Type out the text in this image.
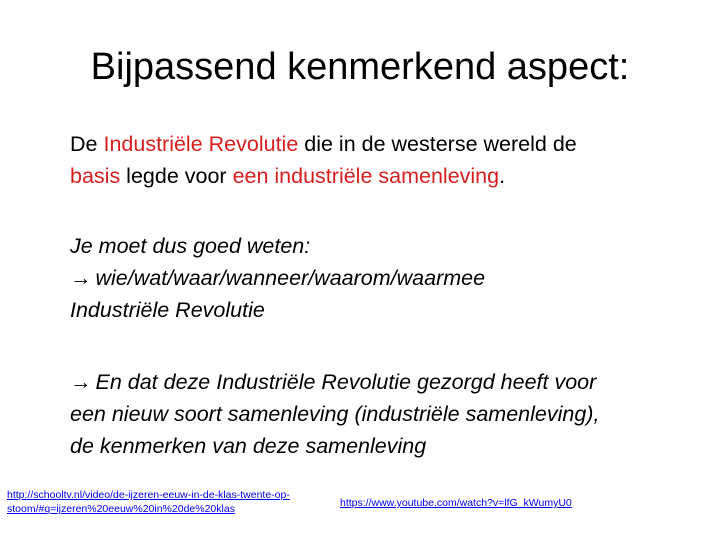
Bijpassend kenmerkend aspect:
De Industriële Revolutie die in de westerse wereld de
basis legde voor een industriële samenleving.
Je moet dus goed weten:
→ wie/wat/waar/wanneer/waarom/waarmee
Industriële Revolutie
→ En dat deze Industriële Revolutie gezorgd heeft voor
een nieuw soort samenleving (industriële samenleving),
de kenmerken van deze samenleving
http://schooltv.nl/video/de-ijzeren-eeuw-in-de-klas-twente-op-
stoom/#q=ijzeren%20eeuw%20in%20de%20klas	https://www.youtube.com/watch?v=lfG_kWumyU0
